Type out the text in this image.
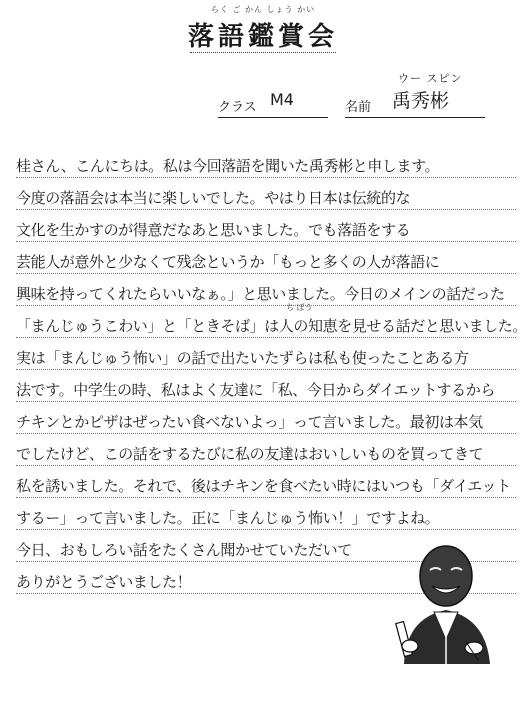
らく ご かん しょう かい
落語鑑賞会
クラス M4	名前
ウー スピン
禹秀彬
桂さん、こんにちは。私は今回落語を聞いた禹秀彬と申します。
今度の落語会は本当に楽しいでした。やはり日本は伝統的な
文化を生かすのが得意だなあと思いました。でも落語をする
芸能人が意外と少なくて残念というか「もっと多くの人が落語に
興味を持ってくれたらいいなぁ。」と思いました。今日のメインの話だった
ち ぼう
「まんじゅうこわい」と「ときそば」は人の知恵を見せる話だと思いました。
実は「まんじゅう怖い」の話で出たいたずらは私も使ったことある方
法です。中学生の時、私はよく友達に「私、今日からダイエットするから
チキンとかピザはぜったい食べないよっ」って言いました。最初は本気
でしたけど、この話をするたびに私の友達はおいしいものを買ってきて
私を誘いました。それで、後はチキンを食べたい時にはいつも「ダイエット
するー」って言いました。正に「まんじゅう怖い！」ですよね。
今日、おもしろい話をたくさん聞かせていただいて
ありがとうございました！
